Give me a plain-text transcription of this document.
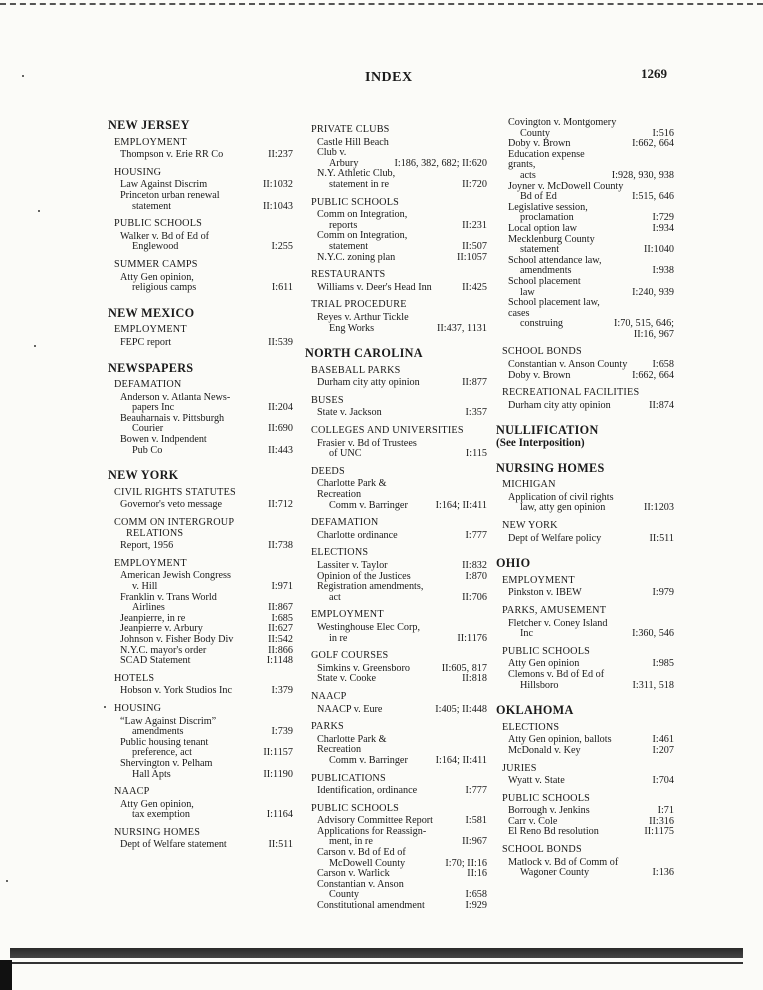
INDEX	1269
NEW JERSEY
EMPLOYMENT
Thompson v. Erie RR Co	II:237
HOUSING
Law Against Discrim	II:1032
Princeton urban renewal
statement	II:1043
PUBLIC SCHOOLS
Walker v. Bd of Ed of
Englewood	I:255
SUMMER CAMPS
Atty Gen opinion,
religious camps	I:611
NEW MEXICO
EMPLOYMENT
FEPC report	II:539
NEWSPAPERS
DEFAMATION
Anderson v. Atlanta News-
papers Inc	II:204
Beauharnais v. Pittsburgh
Courier	II:690
Bowen v. Indpendent
Pub Co	II:443
NEW YORK
CIVIL RIGHTS STATUTES
Governor's veto message	II:712
COMM ON INTERGROUP
RELATIONS
Report, 1956	II:738
EMPLOYMENT
American Jewish Congress
v. Hill	I:971
Franklin v. Trans World
Airlines	II:867
Jeanpierre, in re	I:685
Jeanpierre v. Arbury	II:627
Johnson v. Fisher Body Div	II:542
N.Y.C. mayor's order	II:866
SCAD Statement	I:1148
HOTELS
Hobson v. York Studios Inc	I:379
HOUSING
“Law Against Discrim”
amendments	I:739
Public housing tenant
preference, act	II:1157
Shervington v. Pelham
Hall Apts	II:1190
NAACP
Atty Gen opinion,
tax exemption	I:1164
NURSING HOMES
Dept of Welfare statement	II:511
PRIVATE CLUBS
Castle Hill Beach Club v.
Arbury	I:186, 382, 682; II:620
N.Y. Athletic Club,
statement in re	II:720
PUBLIC SCHOOLS
Comm on Integration,
reports	II:231
Comm on Integration,
statement	II:507
N.Y.C. zoning plan	II:1057
RESTAURANTS
Williams v. Deer's Head Inn	II:425
TRIAL PROCEDURE
Reyes v. Arthur Tickle
Eng Works	II:437, 1131
NORTH CAROLINA
BASEBALL PARKS
Durham city atty opinion	II:877
BUSES
State v. Jackson	I:357
COLLEGES AND UNIVERSITIES
Frasier v. Bd of Trustees
of UNC	I:115
DEEDS
Charlotte Park & Recreation
Comm v. Barringer	I:164; II:411
DEFAMATION
Charlotte ordinance	I:777
ELECTIONS
Lassiter v. Taylor	II:832
Opinion of the Justices	I:870
Registration amendments,
act	II:706
EMPLOYMENT
Westinghouse Elec Corp,
in re	II:1176
GOLF COURSES
Simkins v. Greensboro	II:605, 817
State v. Cooke	II:818
NAACP
NAACP v. Eure	I:405; II:448
PARKS
Charlotte Park & Recreation
Comm v. Barringer	I:164; II:411
PUBLICATIONS
Identification, ordinance	I:777
PUBLIC SCHOOLS
Advisory Committee Report	I:581
Applications for Reassign-
ment, in re	II:967
Carson v. Bd of Ed of
McDowell County	I:70; II:16
Carson v. Warlick	II:16
Constantian v. Anson
County	I:658
Constitutional amendment	I:929
Covington v. Montgomery
County	I:516
Doby v. Brown	I:662, 664
Education expense grants,
acts	I:928, 930, 938
Joyner v. McDowell County
Bd of Ed	I:515, 646
Legislative session,
proclamation	I:729
Local option law	I:934
Mecklenburg County
statement	II:1040
School attendance law,
amendments	I:938
School placement
law	I:240, 939
School placement law, cases
construing	I:70, 515, 646;
II:16, 967
SCHOOL BONDS
Constantian v. Anson County	I:658
Doby v. Brown	I:662, 664
RECREATIONAL FACILITIES
Durham city atty opinion	II:874
NULLIFICATION
(See Interposition)
NURSING HOMES
MICHIGAN
Application of civil rights
law, atty gen opinion	II:1203
NEW YORK
Dept of Welfare policy	II:511
OHIO
EMPLOYMENT
Pinkston v. IBEW	I:979
PARKS, AMUSEMENT
Fletcher v. Coney Island
Inc	I:360, 546
PUBLIC SCHOOLS
Atty Gen opinion	I:985
Clemons v. Bd of Ed of
Hillsboro	I:311, 518
OKLAHOMA
ELECTIONS
Atty Gen opinion, ballots	I:461
McDonald v. Key	I:207
JURIES
Wyatt v. State	I:704
PUBLIC SCHOOLS
Borrough v. Jenkins	I:71
Carr v. Cole	II:316
El Reno Bd resolution	II:1175
SCHOOL BONDS
Matlock v. Bd of Comm of
Wagoner County	I:136
